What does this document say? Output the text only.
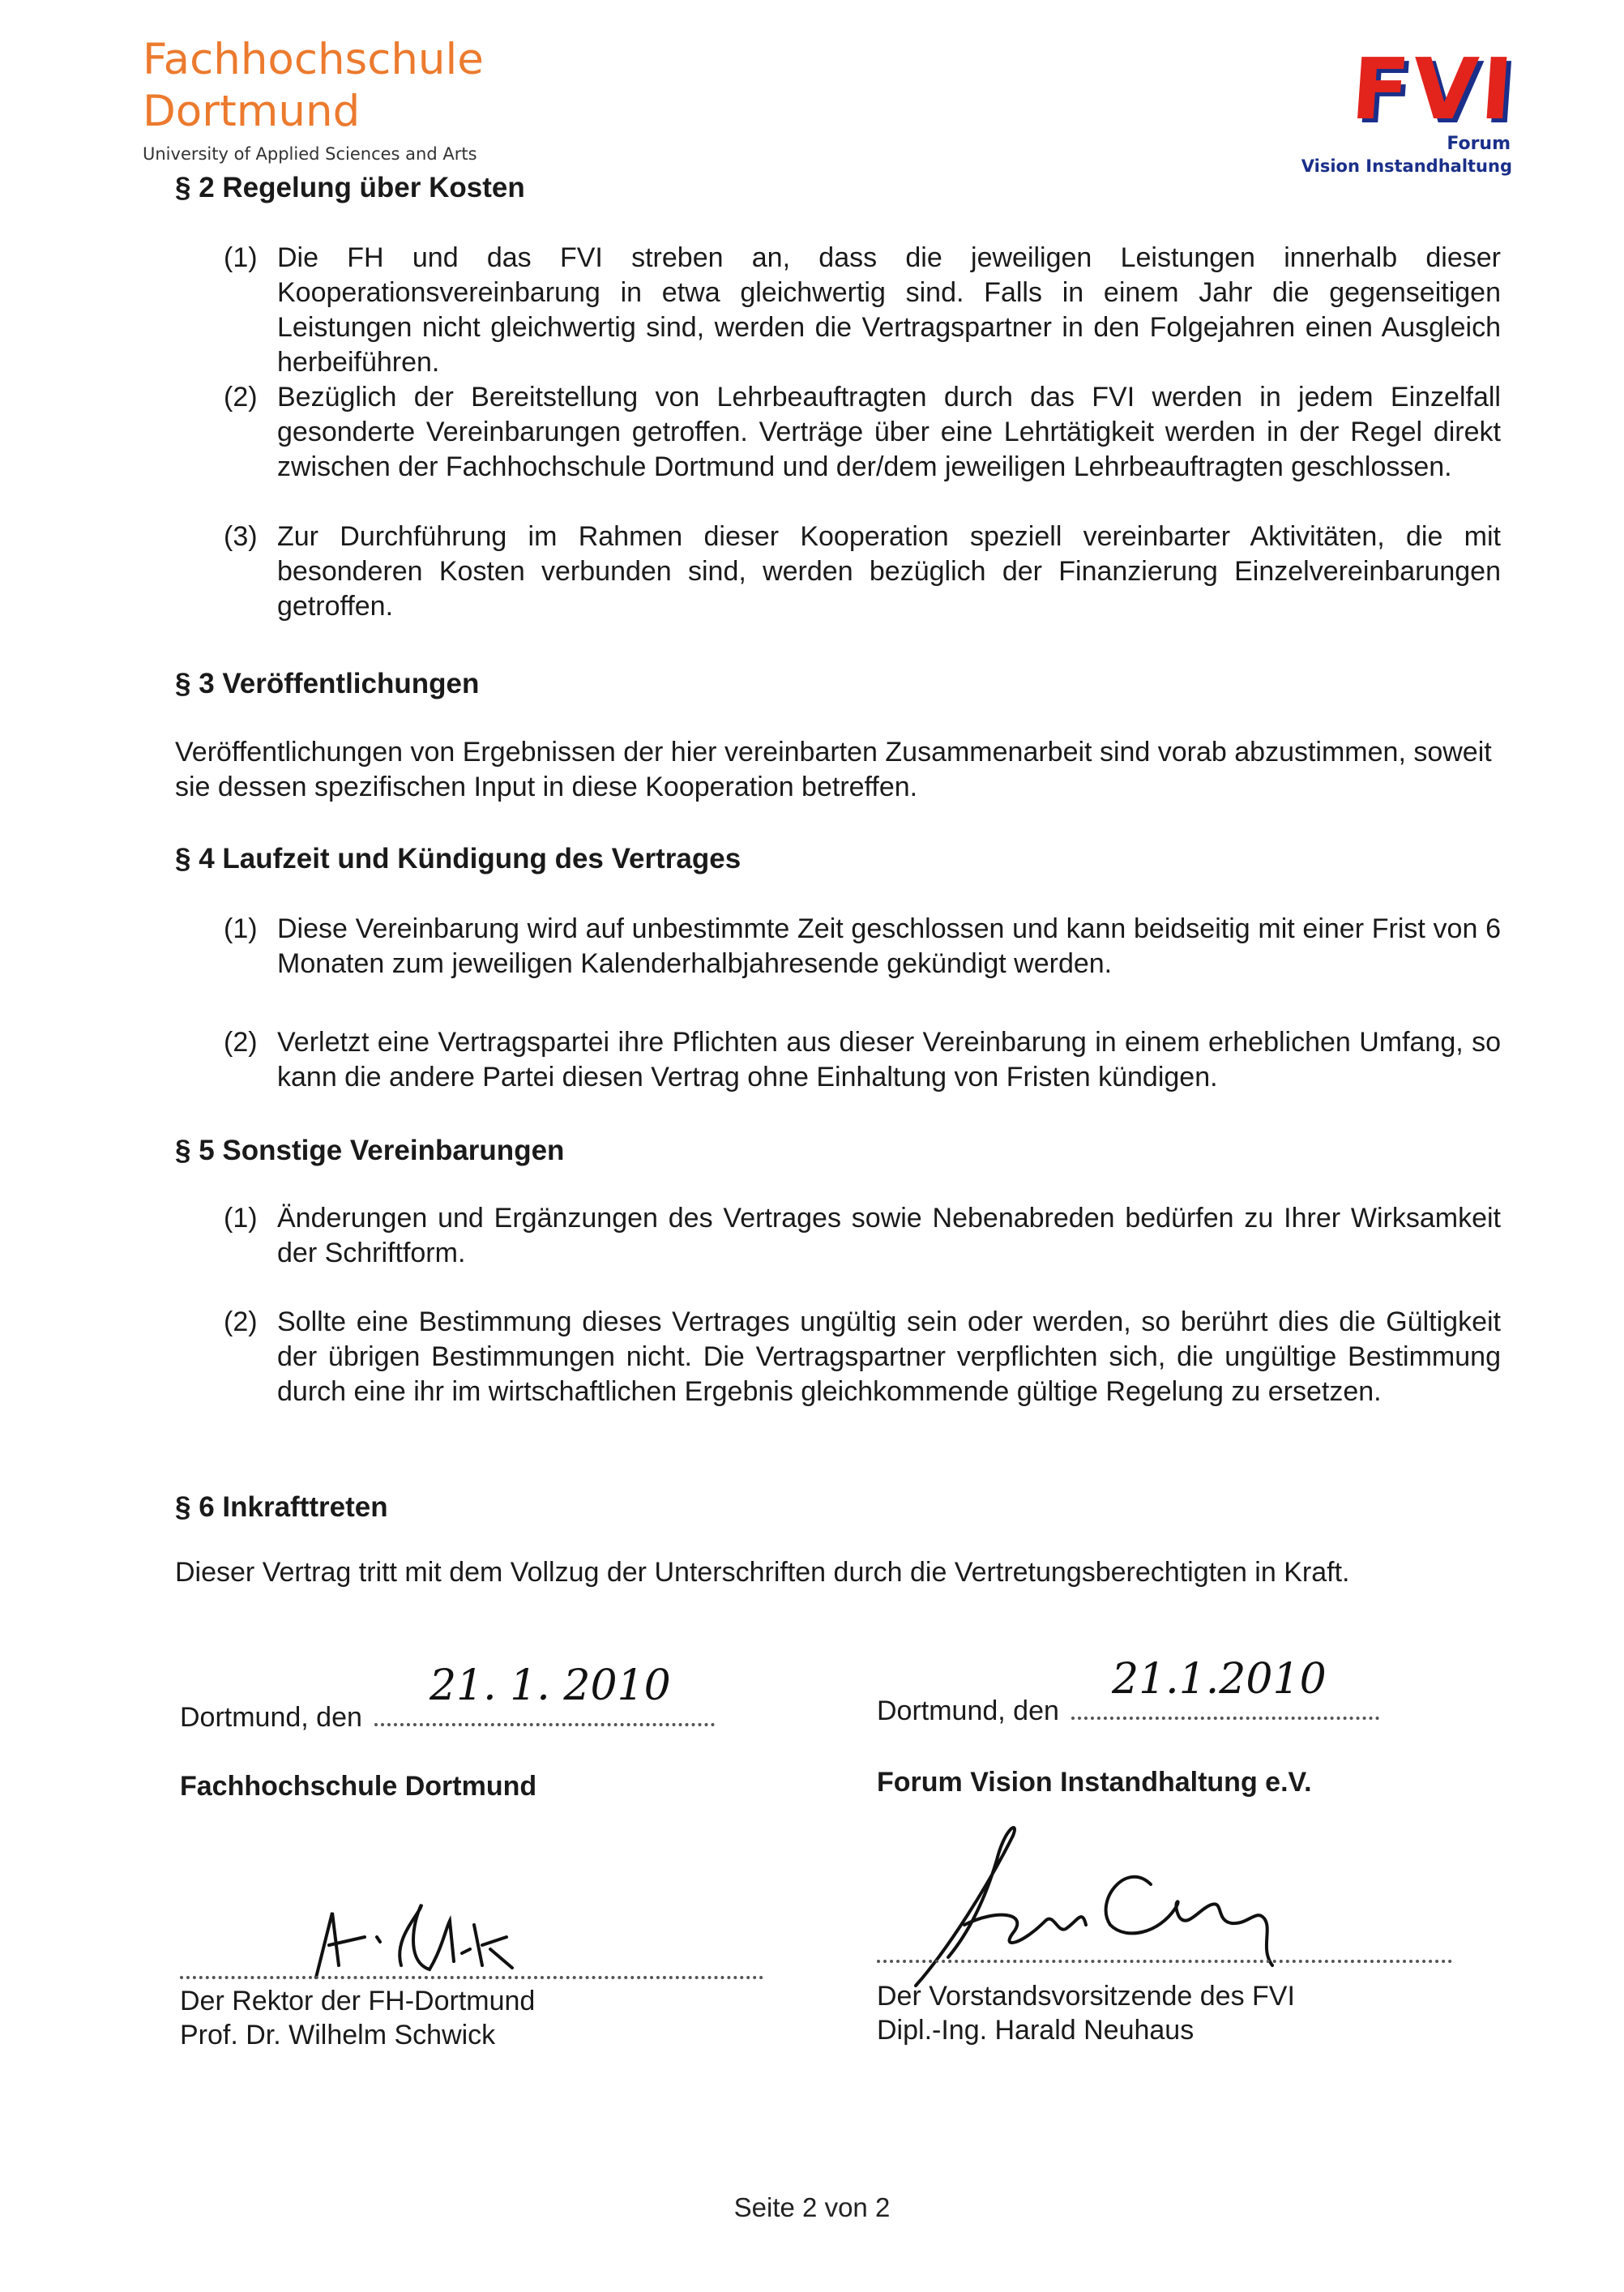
Fachhochschule
Dortmund
University of Applied Sciences and Arts
FVI
Forum
Vision Instandhaltung
§ 2 Regelung über Kosten
(1) Die FH und das FVI streben an, dass die jeweiligen Leistungen innerhalb dieser Kooperationsvereinbarung in etwa gleichwertig sind. Falls in einem Jahr die gegenseitigen Leistungen nicht gleichwertig sind, werden die Vertragspartner in den Folgejahren einen Ausgleich herbeiführen.
(2) Bezüglich der Bereitstellung von Lehrbeauftragten durch das FVI werden in jedem Einzelfall gesonderte Vereinbarungen getroffen. Verträge über eine Lehrtätigkeit werden in der Regel direkt zwischen der Fachhochschule Dortmund und der/dem jeweiligen Lehrbeauftragten geschlossen.
(3) Zur Durchführung im Rahmen dieser Kooperation speziell vereinbarter Aktivitäten, die mit besonderen Kosten verbunden sind, werden bezüglich der Finanzierung Einzelvereinbarungen getroffen.
§ 3 Veröffentlichungen
Veröffentlichungen von Ergebnissen der hier vereinbarten Zusammenarbeit sind vorab abzustimmen, soweit sie dessen spezifischen Input in diese Kooperation betreffen.
§ 4 Laufzeit und Kündigung des Vertrages
(1) Diese Vereinbarung wird auf unbestimmte Zeit geschlossen und kann beidseitig mit einer Frist von 6 Monaten zum jeweiligen Kalenderhalbjahresende gekündigt werden.
(2) Verletzt eine Vertragspartei ihre Pflichten aus dieser Vereinbarung in einem erheblichen Umfang, so kann die andere Partei diesen Vertrag ohne Einhaltung von Fristen kündigen.
§ 5 Sonstige Vereinbarungen
(1) Änderungen und Ergänzungen des Vertrages sowie Nebenabreden bedürfen zu Ihrer Wirksamkeit der Schriftform.
(2) Sollte eine Bestimmung dieses Vertrages ungültig sein oder werden, so berührt dies die Gültigkeit der übrigen Bestimmungen nicht. Die Vertragspartner verpflichten sich, die ungültige Bestimmung durch eine ihr im wirtschaftlichen Ergebnis gleichkommende gültige Regelung zu ersetzen.
§ 6 Inkrafttreten
Dieser Vertrag tritt mit dem Vollzug der Unterschriften durch die Vertretungsberechtigten in Kraft.
Dortmund, den
21. 1. 2010
Fachhochschule Dortmund
Der Rektor der FH-Dortmund
Prof. Dr. Wilhelm Schwick
Dortmund, den
21.1.2010
Forum Vision Instandhaltung e.V.
Der Vorstandsvorsitzende des FVI
Dipl.-Ing. Harald Neuhaus
Seite 2 von 2
